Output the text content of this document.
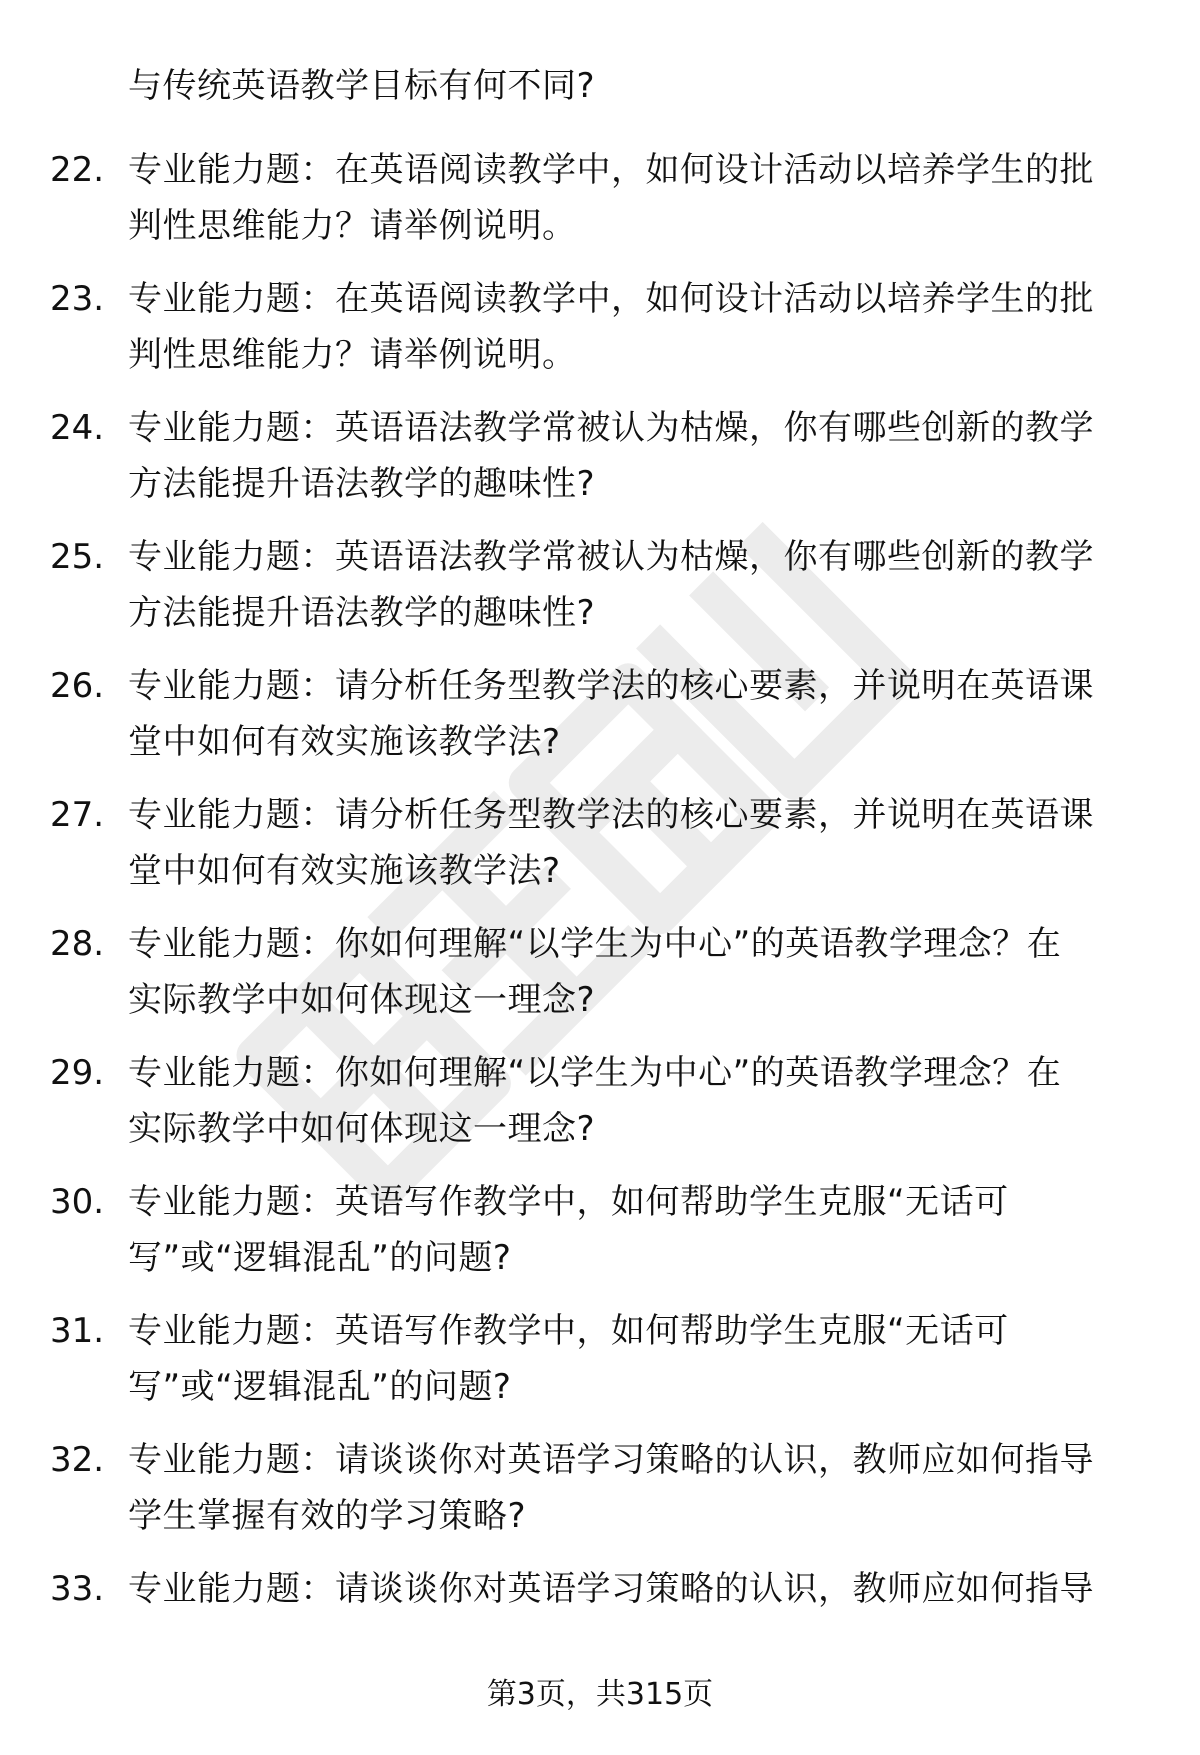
与传统英语教学目标有何不同?
22. 专业能力题：在英语阅读教学中，如何设计活动以培养学生的批
判性思维能力？请举例说明。
23. 专业能力题：在英语阅读教学中，如何设计活动以培养学生的批
判性思维能力？请举例说明。
24. 专业能力题：英语语法教学常被认为枯燥，你有哪些创新的教学
方法能提升语法教学的趣味性?
25. 专业能力题：英语语法教学常被认为枯燥，你有哪些创新的教学
方法能提升语法教学的趣味性?
26. 专业能力题：请分析任务型教学法的核心要素，并说明在英语课
堂中如何有效实施该教学法?
27. 专业能力题：请分析任务型教学法的核心要素，并说明在英语课
堂中如何有效实施该教学法?
28. 专业能力题：你如何理解“以学生为中心”的英语教学理念？在
实际教学中如何体现这一理念?
29. 专业能力题：你如何理解“以学生为中心”的英语教学理念？在
实际教学中如何体现这一理念?
30. 专业能力题：英语写作教学中，如何帮助学生克服“无话可
写”或“逻辑混乱”的问题?
31. 专业能力题：英语写作教学中，如何帮助学生克服“无话可
写”或“逻辑混乱”的问题?
32. 专业能力题：请谈谈你对英语学习策略的认识，教师应如何指导
学生掌握有效的学习策略?
33. 专业能力题：请谈谈你对英语学习策略的认识，教师应如何指导
第3页，共315页
